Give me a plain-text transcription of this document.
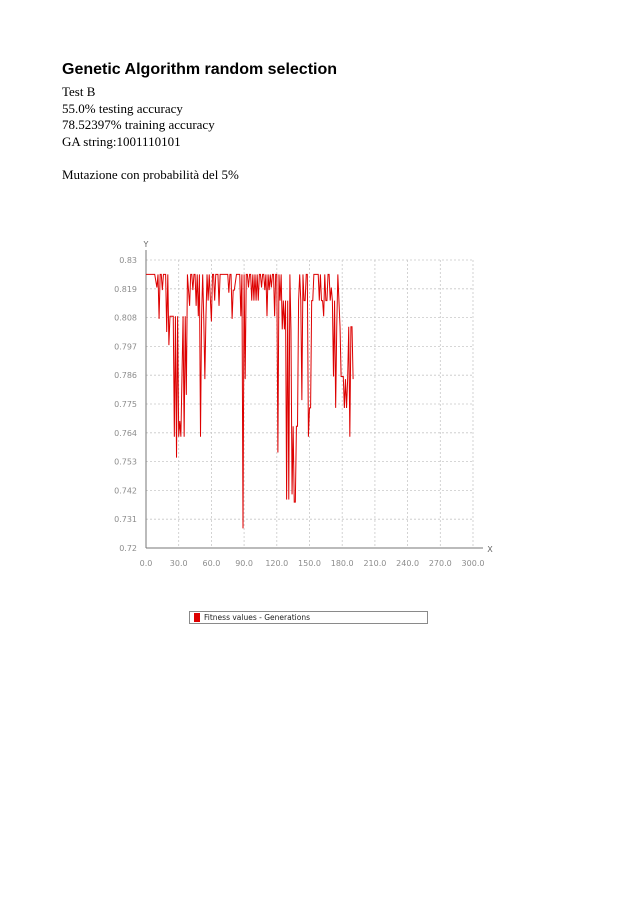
Genetic Algorithm random selection
Test B
55.0% testing accuracy
78.52397% training accuracy
GA string:1001110101
Mutazione con probabilità del 5%
Y
X
0.72
0.731
0.742
0.753
0.764
0.775
0.786
0.797
0.808
0.819
0.83
0.0 30.0 60.0 90.0 120.0 150.0 180.0 210.0 240.0 270.0 300.0
Fitness values - Generations
